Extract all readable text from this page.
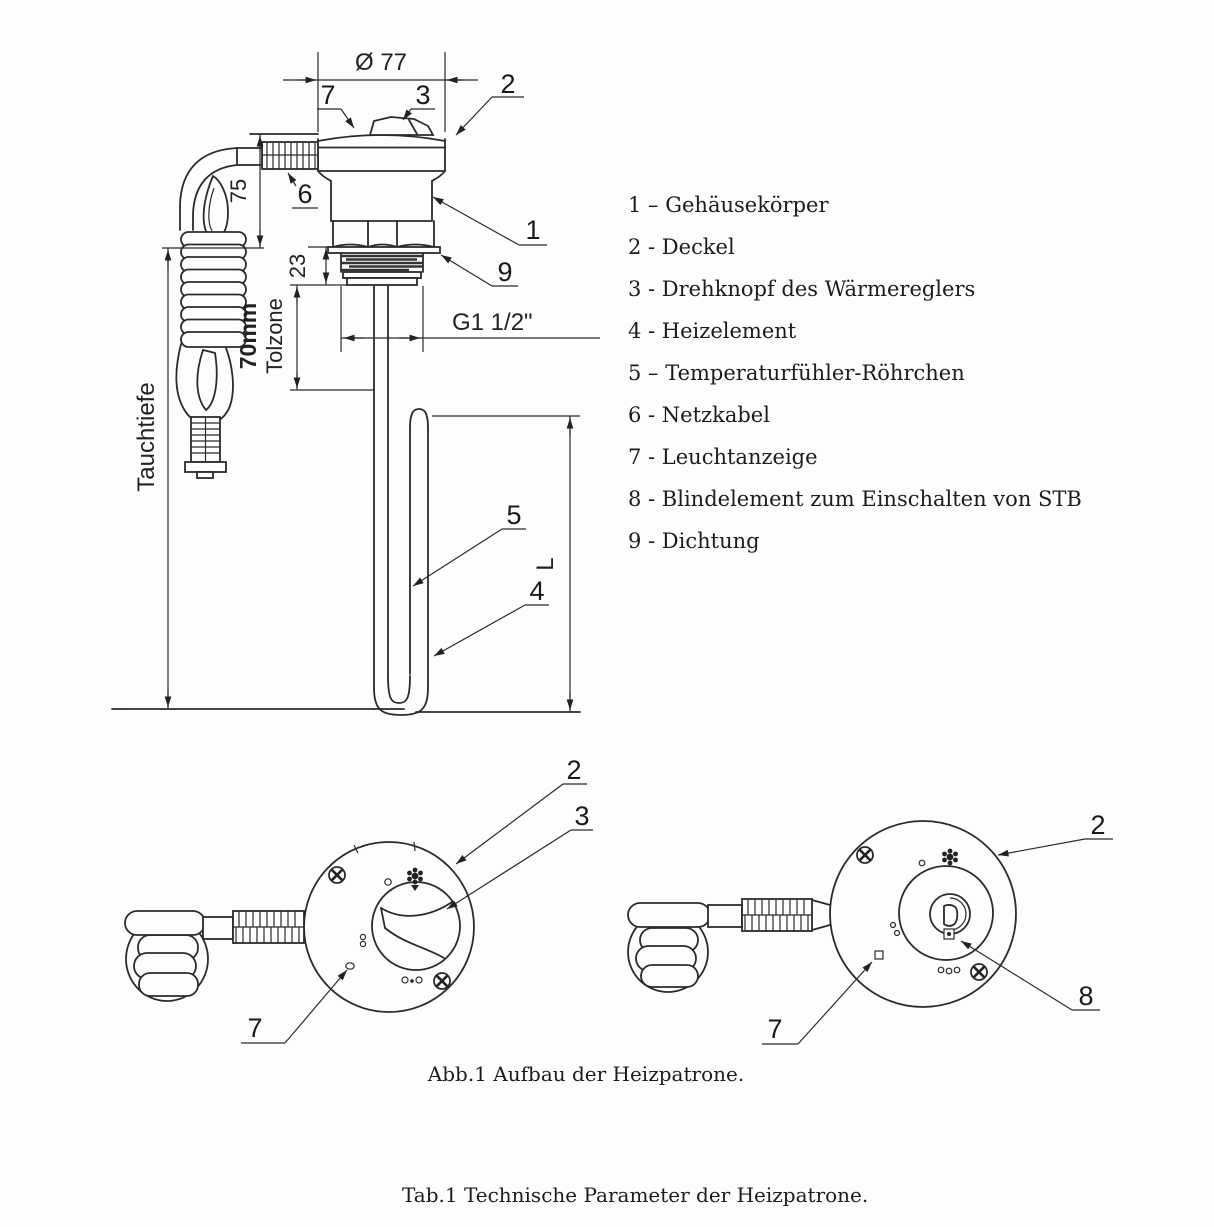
Ø 77
75
Tauchtiefe
23
70mm Tolzone	G1 1/2"
L
7	3	2
6
1
9
5
4
2
3
7
2
8
7
1 – Gehäusekörper
2 - Deckel
3 - Drehknopf des Wärmereglers
4 - Heizelement
5 – Temperaturfühler-Röhrchen
6 - Netzkabel
7 - Leuchtanzeige
8 - Blindelement zum Einschalten von STB
9 - Dichtung
Abb.1 Aufbau der Heizpatrone.
Tab.1 Technische Parameter der Heizpatrone.
